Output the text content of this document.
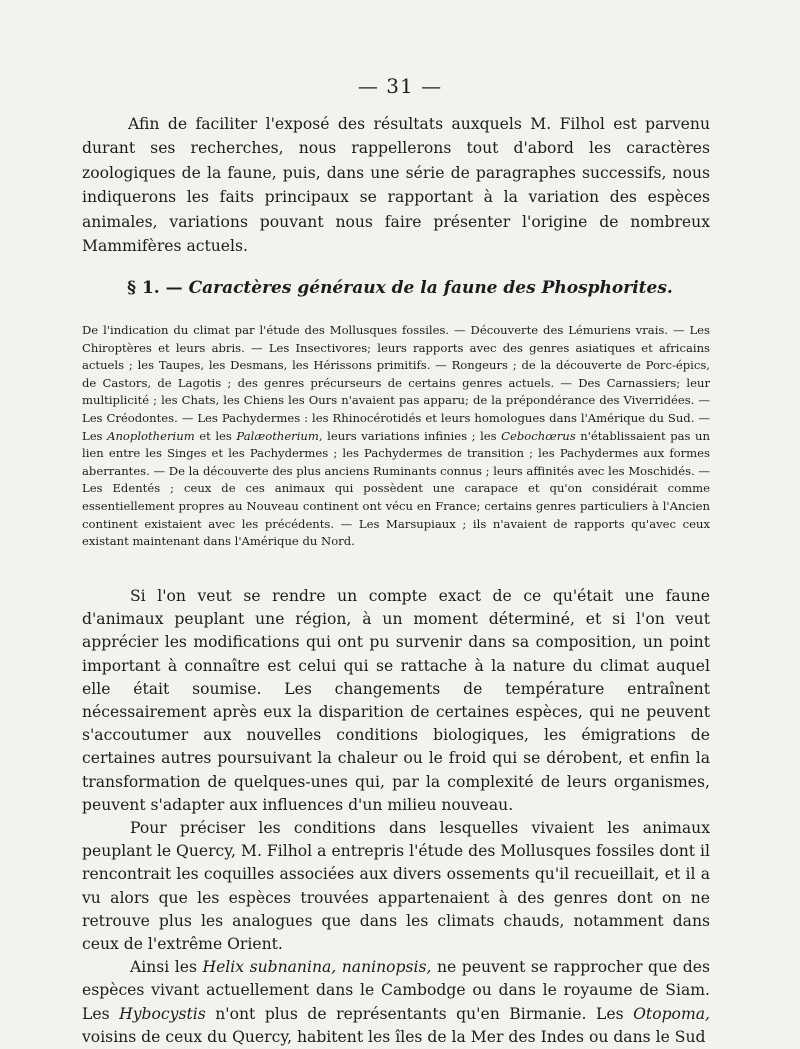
— 31 —

Afin de faciliter l'exposé des résultats auxquels M. Filhol est parvenu durant ses recherches, nous rappellerons tout d'abord les caractères zoologiques de la faune, puis, dans une série de paragraphes successifs, nous indiquerons les faits principaux se rapportant à la variation des espèces animales, variations pouvant nous faire présenter l'origine de nombreux Mammifères actuels.

§ 1. — Caractères généraux de la faune des Phosphorites.

De l'indication du climat par l'étude des Mollusques fossiles. — Découverte des Lémuriens vrais. — Les Chiroptères et leurs abris. — Les Insectivores; leurs rapports avec des genres asiatiques et africains actuels ; les Taupes, les Desmans, les Hérissons primitifs. — Rongeurs ; de la découverte de Porc-épics, de Castors, de Lagotis ; des genres précurseurs de certains genres actuels. — Des Carnassiers; leur multiplicité ; les Chats, les Chiens les Ours n'avaient pas apparu; de la prépondérance des Viverridées. — Les Créodontes. — Les Pachydermes : les Rhinocérotidés et leurs homologues dans l'Amérique du Sud. — Les Anoplotherium et les Palæotherium, leurs variations infinies ; les Cebochœrus n'établissaient pas un lien entre les Singes et les Pachydermes ; les Pachydermes de transition ; les Pachydermes aux formes aberrantes. — De la découverte des plus anciens Ruminants connus ; leurs affinités avec les Moschidés. — Les Edentés ; ceux de ces animaux qui possèdent une carapace et qu'on considérait comme essentiellement propres au Nouveau continent ont vécu en France; certains genres particuliers à l'Ancien continent existaient avec les précédents. — Les Marsupiaux ; ils n'avaient de rapports qu'avec ceux existant maintenant dans l'Amérique du Nord.

Si l'on veut se rendre un compte exact de ce qu'était une faune d'animaux peuplant une région, à un moment déterminé, et si l'on veut apprécier les modifications qui ont pu survenir dans sa composition, un point important à connaître est celui qui se rattache à la nature du climat auquel elle était soumise. Les changements de température entraînent nécessairement après eux la disparition de certaines espèces, qui ne peuvent s'accoutumer aux nouvelles conditions biologiques, les émigrations de certaines autres poursuivant la chaleur ou le froid qui se dérobent, et enfin la transformation de quelques-unes qui, par la complexité de leurs organismes, peuvent s'adapter aux influences d'un milieu nouveau.

Pour préciser les conditions dans lesquelles vivaient les animaux peuplant le Quercy, M. Filhol a entrepris l'étude des Mollusques fossiles dont il rencontrait les coquilles associées aux divers ossements qu'il recueillait, et il a vu alors que les espèces trouvées appartenaient à des genres dont on ne retrouve plus les analogues que dans les climats chauds, notamment dans ceux de l'extrême Orient.

Ainsi les Helix subnanina, naninopsis, ne peuvent se rapprocher que des espèces vivant actuellement dans le Cambodge ou dans le royaume de Siam. Les Hybocystis n'ont plus de représentants qu'en Birmanie. Les Otopoma, voisins de ceux du Quercy, habitent les îles de la Mer des Indes ou dans le Sud
